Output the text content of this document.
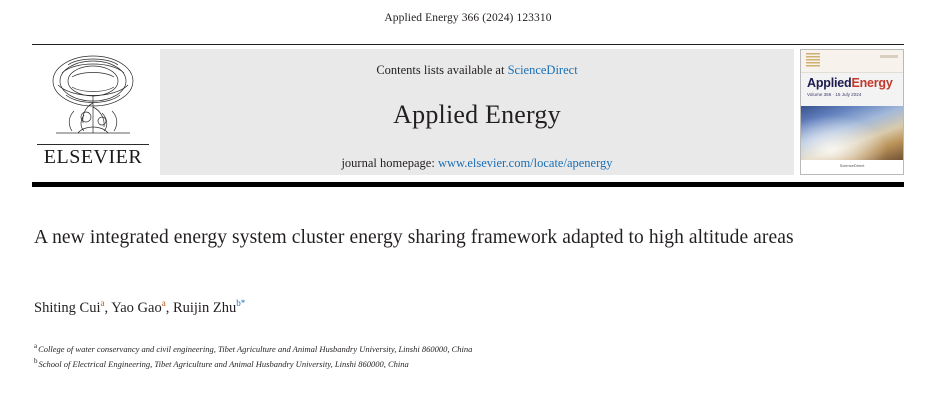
Applied Energy 366 (2024) 123310
ELSEVIER
Contents lists available at ScienceDirect
Applied Energy
journal homepage: www.elsevier.com/locate/apenergy
AppliedEnergy
Volume 366 · 15 July 2024
ScienceDirect
A new integrated energy system cluster energy sharing framework adapted to high altitude areas
Shiting Cui$^a$, Yao Gao$^a$, Ruijin Zhu$^{b*}$
$^a$College of water conservancy and civil engineering, Tibet Agriculture and Animal Husbandry University, Linshi 860000, China
$^b$School of Electrical Engineering, Tibet Agriculture and Animal Husbandry University, Linshi 860000, China
